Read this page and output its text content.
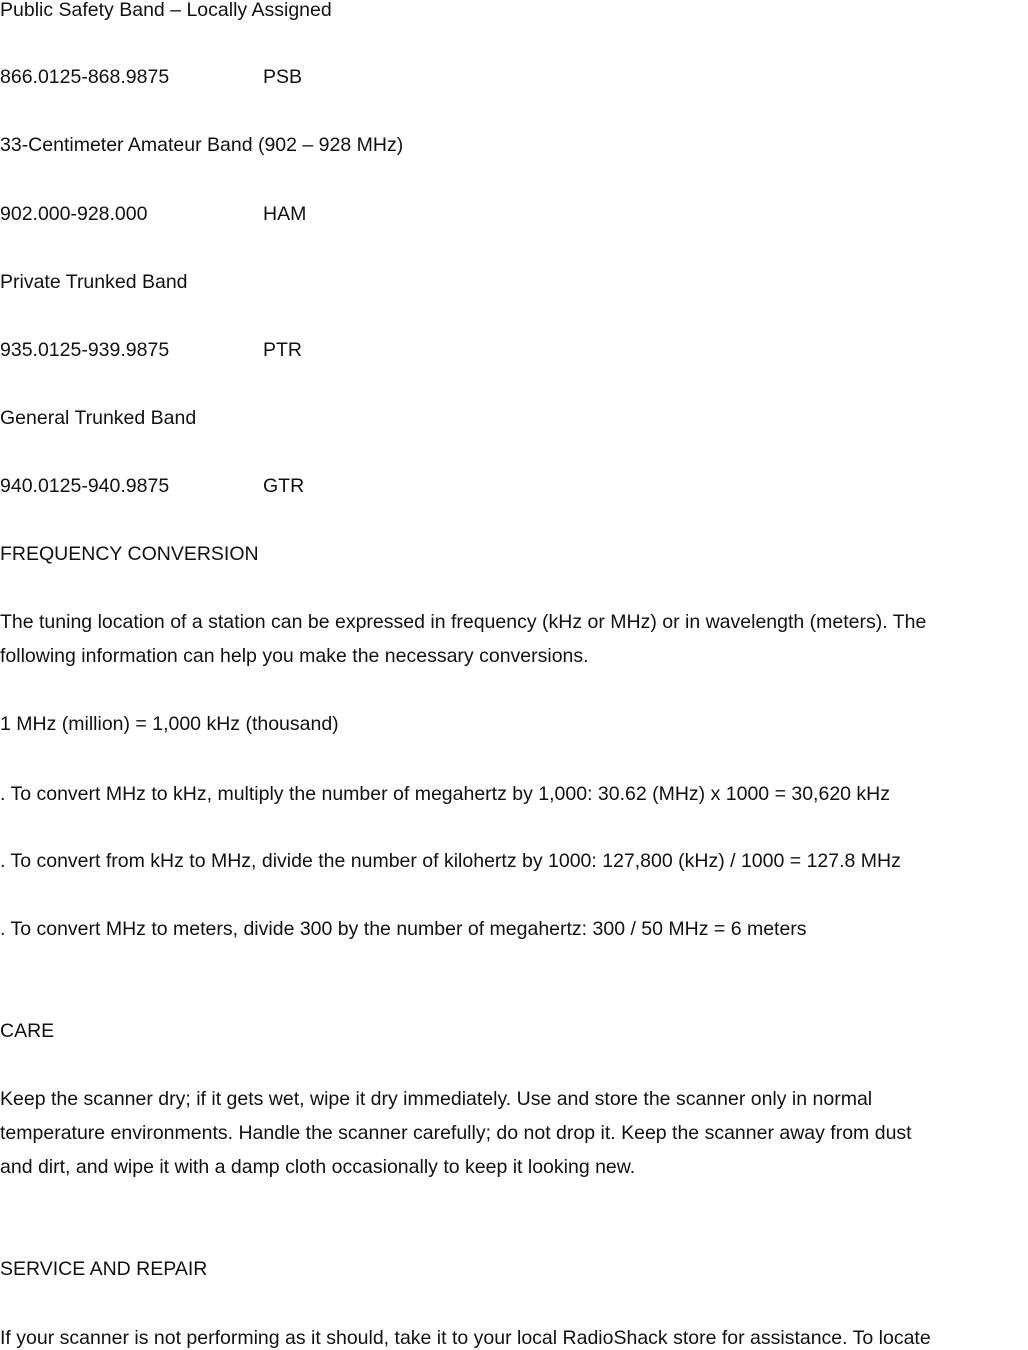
Public Safety Band – Locally Assigned
866.0125-868.9875	PSB
33-Centimeter Amateur Band (902 – 928 MHz)
902.000-928.000	HAM
Private Trunked Band
935.0125-939.9875	PTR
General Trunked Band
940.0125-940.9875	GTR
FREQUENCY CONVERSION
The tuning location of a station can be expressed in frequency (kHz or MHz) or in wavelength (meters). The
following information can help you make the necessary conversions.
1 MHz (million) = 1,000 kHz (thousand)
. To convert MHz to kHz, multiply the number of megahertz by 1,000: 30.62 (MHz) x 1000 = 30,620 kHz
. To convert from kHz to MHz, divide the number of kilohertz by 1000: 127,800 (kHz) / 1000 = 127.8 MHz
. To convert MHz to meters, divide 300 by the number of megahertz: 300 / 50 MHz = 6 meters
CARE
Keep the scanner dry; if it gets wet, wipe it dry immediately. Use and store the scanner only in normal
temperature environments. Handle the scanner carefully; do not drop it. Keep the scanner away from dust
and dirt, and wipe it with a damp cloth occasionally to keep it looking new.
SERVICE AND REPAIR
If your scanner is not performing as it should, take it to your local RadioShack store for assistance. To locate
